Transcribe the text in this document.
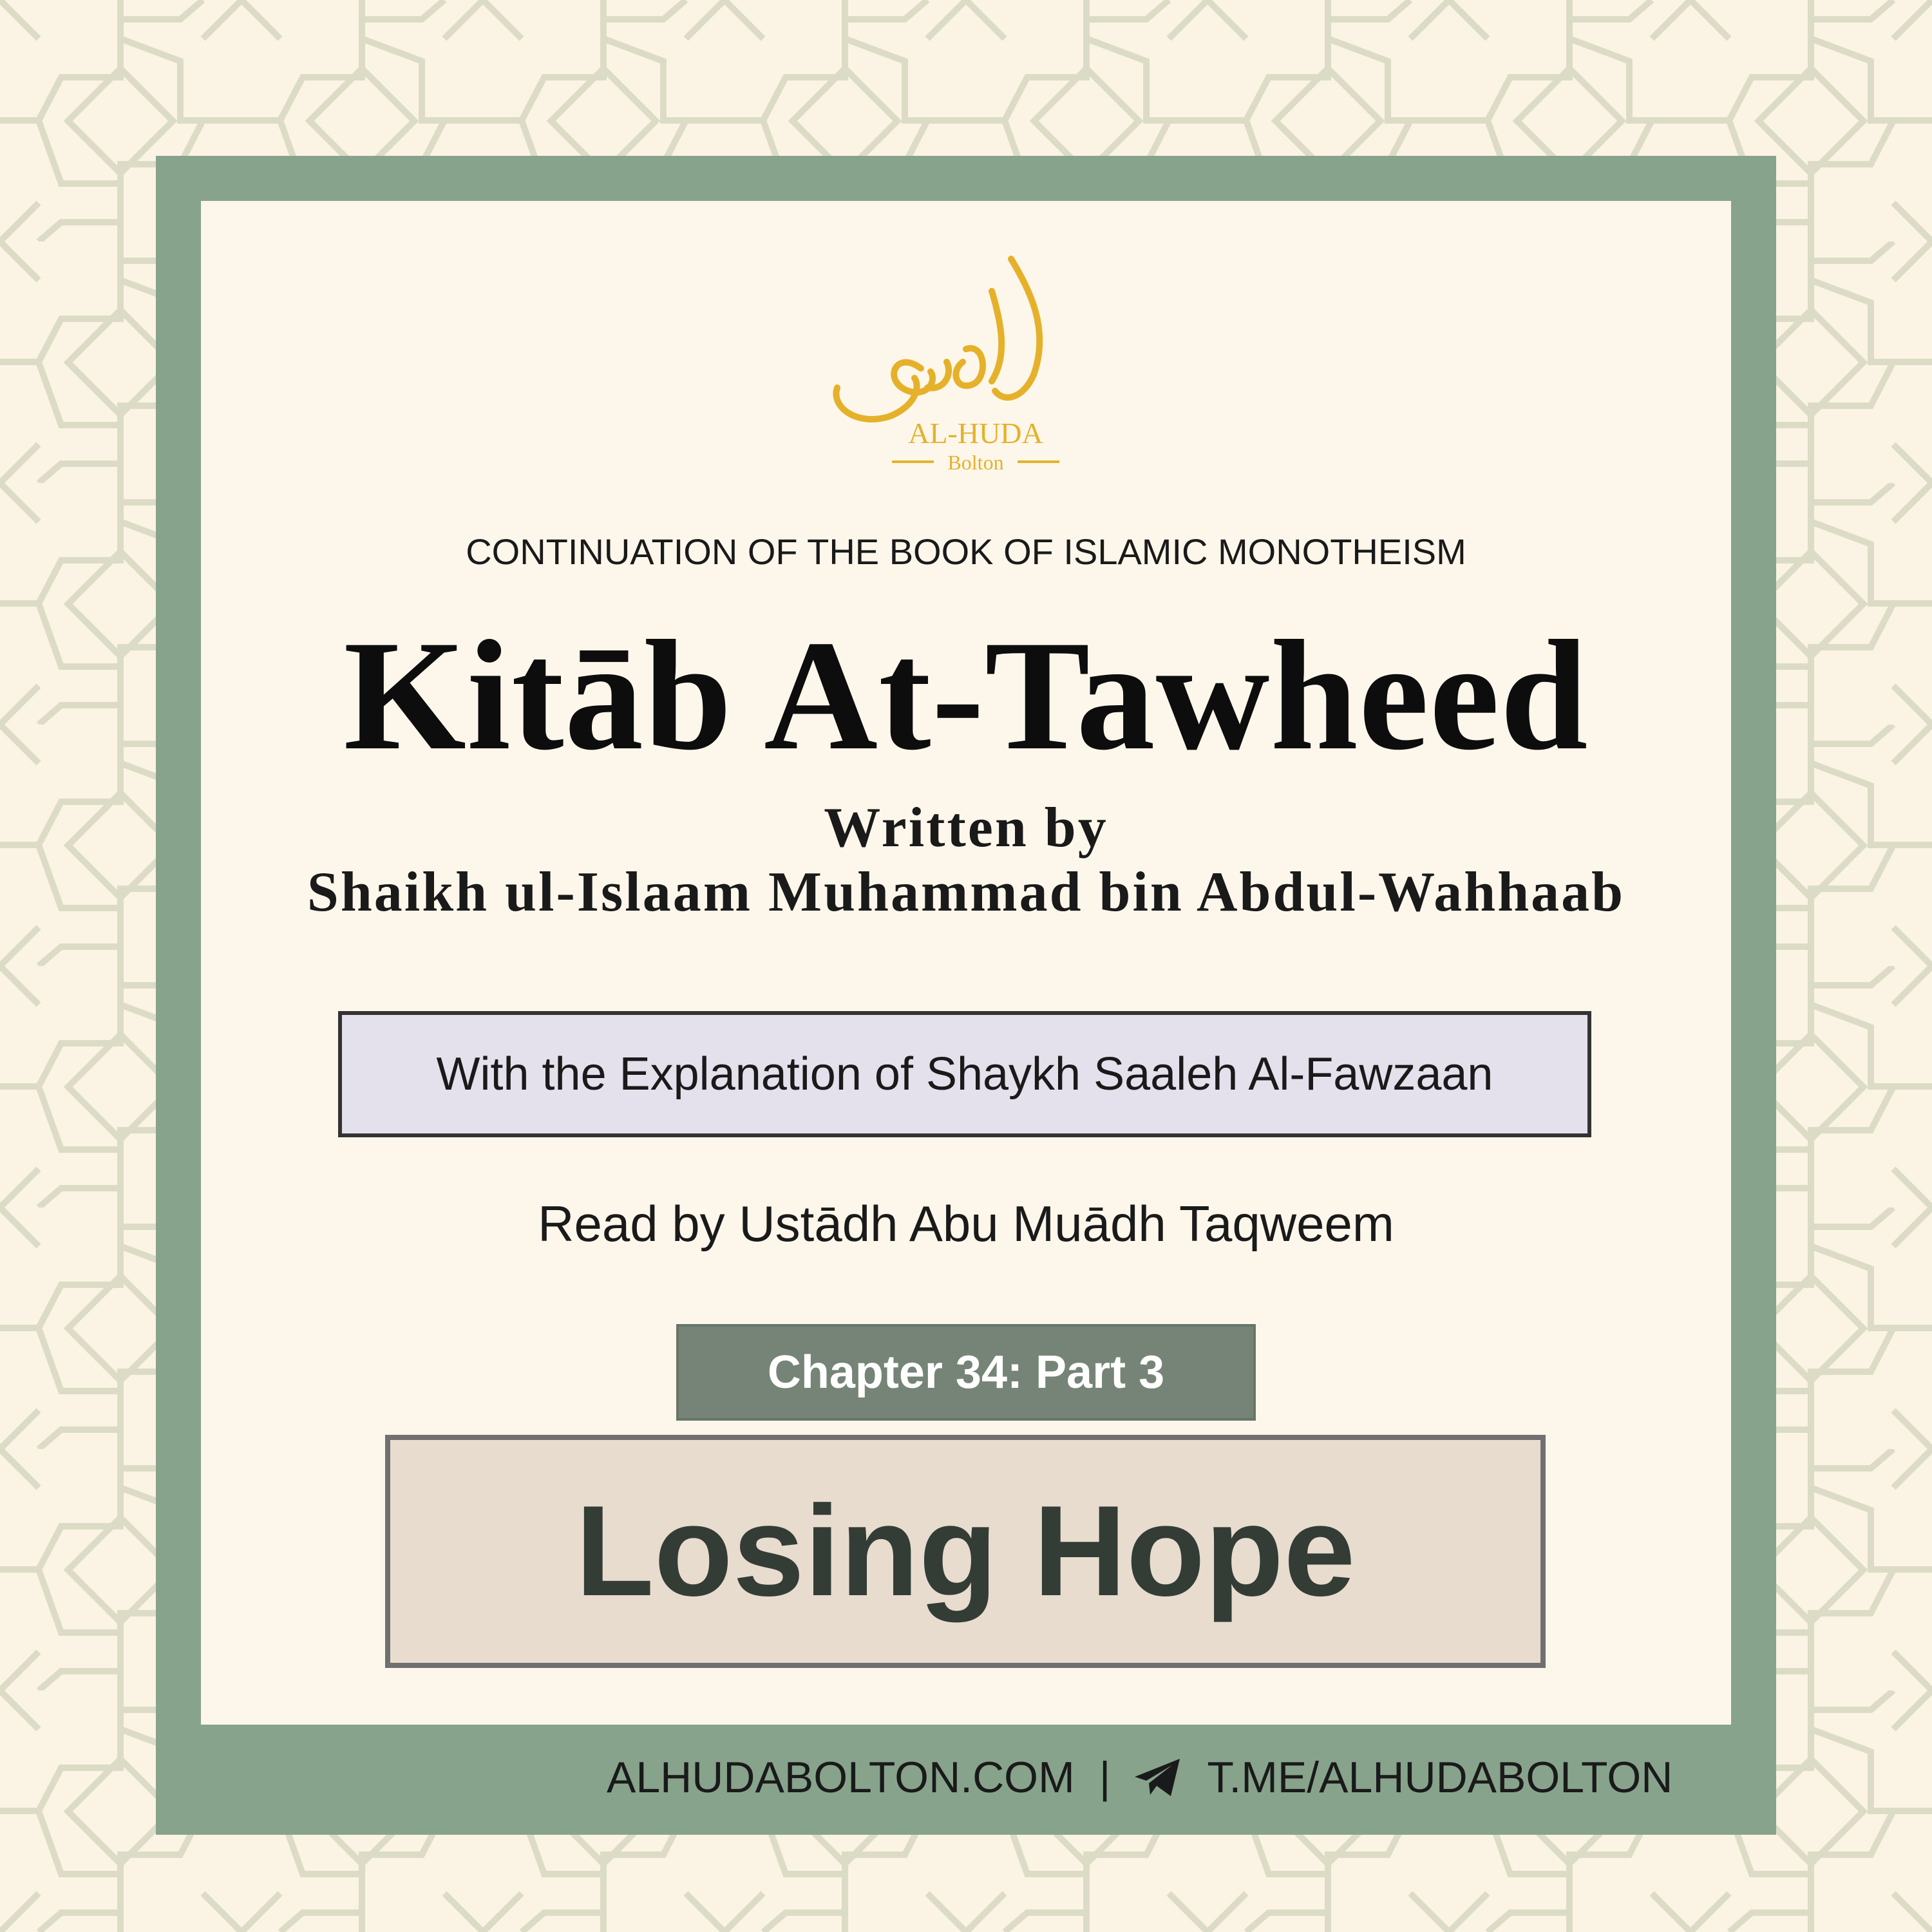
AL-HUDA
Bolton
CONTINUATION OF THE BOOK OF ISLAMIC MONOTHEISM
Kitāb At-Tawheed
Written by
Shaikh ul-Islaam Muhammad bin Abdul-Wahhaab
With the Explanation of Shaykh Saaleh Al-Fawzaan
Read by Ustādh Abu Muādh Taqweem
Chapter 34: Part 3
Losing Hope
ALHUDABOLTON.COM | T.ME/ALHUDABOLTON
